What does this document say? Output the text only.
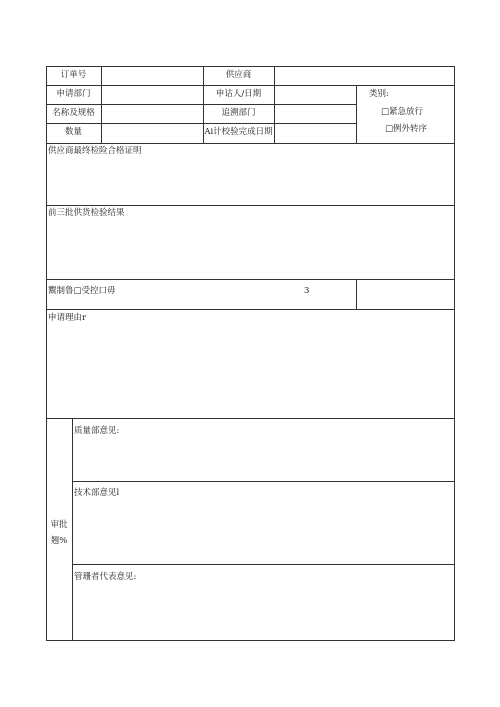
订单号	供应商
申请部门	申诂人/日期
名称及规格	追溯部门
数量	Ai计校验完成日期
类别:
□紧急放行
□例外转序
供应商最终检险合格证明
前三批供货检验结果
鬻制鲁□受控口毋	3
申请理由r
审批
翘%
质量部意见:
技术部意见l
管珊者代表意见:
